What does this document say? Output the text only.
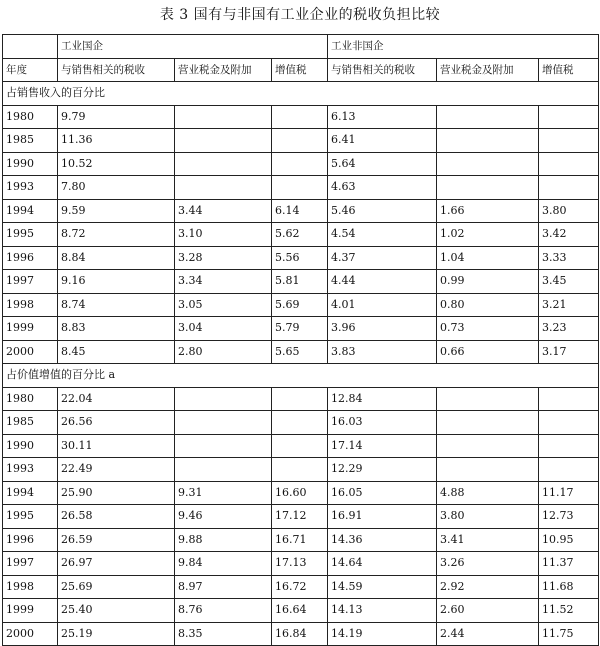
表 3 国有与非国有工业企业的税收负担比较
	工业国企			工业非国企		
年度	与销售相关的税收	营业税金及附加	增值税	与销售相关的税收	营业税金及附加	增值税
占销售收入的百分比						
1980	9.79			6.13		
1985	11.36			6.41		
1990	10.52			5.64		
1993	7.80			4.63		
1994	9.59	3.44	6.14	5.46	1.66	3.80
1995	8.72	3.10	5.62	4.54	1.02	3.42
1996	8.84	3.28	5.56	4.37	1.04	3.33
1997	9.16	3.34	5.81	4.44	0.99	3.45
1998	8.74	3.05	5.69	4.01	0.80	3.21
1999	8.83	3.04	5.79	3.96	0.73	3.23
2000	8.45	2.80	5.65	3.83	0.66	3.17
占价值增值的百分比 a						
1980	22.04			12.84		
1985	26.56			16.03		
1990	30.11			17.14		
1993	22.49			12.29		
1994	25.90	9.31	16.60	16.05	4.88	11.17
1995	26.58	9.46	17.12	16.91	3.80	12.73
1996	26.59	9.88	16.71	14.36	3.41	10.95
1997	26.97	9.84	17.13	14.64	3.26	11.37
1998	25.69	8.97	16.72	14.59	2.92	11.68
1999	25.40	8.76	16.64	14.13	2.60	11.52
2000	25.19	8.35	16.84	14.19	2.44	11.75
